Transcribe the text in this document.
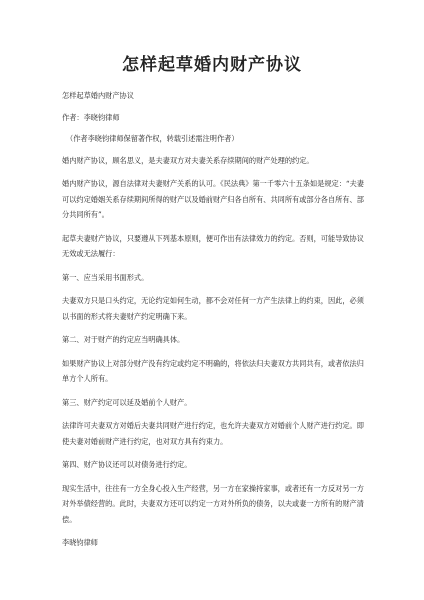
怎样起草婚内财产协议

怎样起草婚内财产协议

作者：李晓钧律师

（作者李晓钧律师保留著作权，转载引述需注明作者）

婚内财产协议，顾名思义，是夫妻双方对夫妻关系存续期间的财产处理的约定。

婚内财产协议，源自法律对夫妻财产关系的认可。《民法典》第一千零六十五条如是规定：“夫妻可以约定婚姻关系存续期间所得的财产以及婚前财产归各自所有、共同所有或部分各自所有、部分共同所有”。

起草夫妻财产协议，只要遵从下列基本原则，便可作出有法律效力的约定。否则，可能导致协议无效或无法履行：

第一、应当采用书面形式。

夫妻双方只是口头约定，无论约定如何生动，都不会对任何一方产生法律上的约束，因此，必须以书面的形式将夫妻财产约定明确下来。

第二、对于财产的约定应当明确具体。

如果财产协议上对部分财产没有约定或约定不明确的，将依法归夫妻双方共同共有，或者依法归单方个人所有。

第三、财产约定可以延及婚前个人财产。

法律许可夫妻双方对婚后夫妻共同财产进行约定，也允许夫妻双方对婚前个人财产进行约定。即使夫妻对婚前财产进行约定，也对双方具有约束力。

第四、财产协议还可以对债务进行约定。

现实生活中，往往有一方全身心投入生产经营，另一方在家操持家事，或者还有一方反对另一方对外举债经营的。此时，夫妻双方还可以约定一方对外所负的债务，以夫或妻一方所有的财产清偿。

李晓钧律师
